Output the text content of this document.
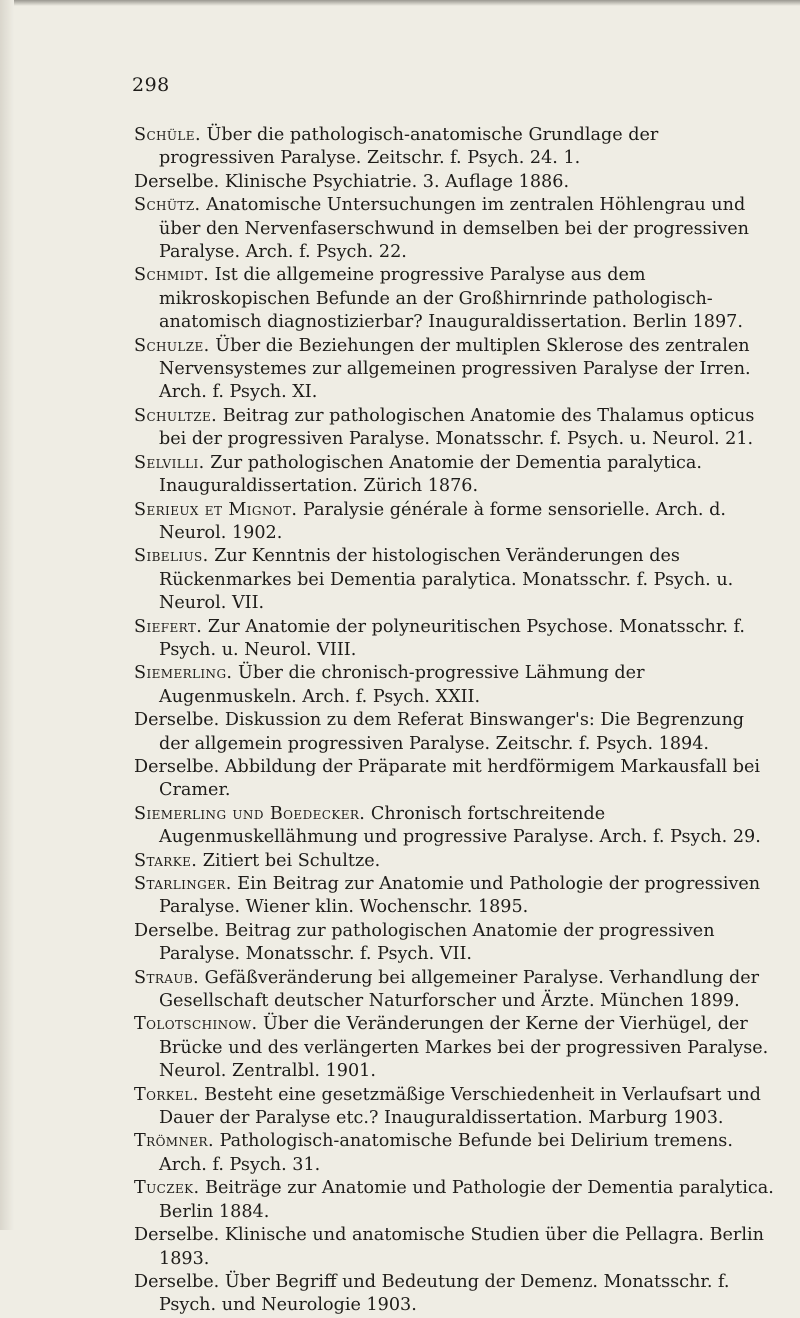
298
Schüle. Über die pathologisch-anatomische Grundlage der progressiven Paralyse. Zeitschr. f. Psych. 24. 1.
Derselbe. Klinische Psychiatrie. 3. Auflage 1886.
Schütz. Anatomische Untersuchungen im zentralen Höhlengrau und über den Nervenfaserschwund in demselben bei der progressiven Paralyse. Arch. f. Psych. 22.
Schmidt. Ist die allgemeine progressive Paralyse aus dem mikroskopischen Befunde an der Großhirnrinde pathologisch-anatomisch diagnostizierbar? Inauguraldissertation. Berlin 1897.
Schulze. Über die Beziehungen der multiplen Sklerose des zentralen Nervensystemes zur allgemeinen progressiven Paralyse der Irren. Arch. f. Psych. XI.
Schultze. Beitrag zur pathologischen Anatomie des Thalamus opticus bei der progressiven Paralyse. Monatsschr. f. Psych. u. Neurol. 21.
Selvilli. Zur pathologischen Anatomie der Dementia paralytica. Inauguraldissertation. Zürich 1876.
Serieux et Mignot. Paralysie générale à forme sensorielle. Arch. d. Neurol. 1902.
Sibelius. Zur Kenntnis der histologischen Veränderungen des Rückenmarkes bei Dementia paralytica. Monatsschr. f. Psych. u. Neurol. VII.
Siefert. Zur Anatomie der polyneuritischen Psychose. Monatsschr. f. Psych. u. Neurol. VIII.
Siemerling. Über die chronisch-progressive Lähmung der Augenmuskeln. Arch. f. Psych. XXII.
Derselbe. Diskussion zu dem Referat Binswanger's: Die Begrenzung der allgemein progressiven Paralyse. Zeitschr. f. Psych. 1894.
Derselbe. Abbildung der Präparate mit herdförmigem Markausfall bei Cramer.
Siemerling und Boedecker. Chronisch fortschreitende Augenmuskellähmung und progressive Paralyse. Arch. f. Psych. 29.
Starke. Zitiert bei Schultze.
Starlinger. Ein Beitrag zur Anatomie und Pathologie der progressiven Paralyse. Wiener klin. Wochenschr. 1895.
Derselbe. Beitrag zur pathologischen Anatomie der progressiven Paralyse. Monatsschr. f. Psych. VII.
Straub. Gefäßveränderung bei allgemeiner Paralyse. Verhandlung der Gesellschaft deutscher Naturforscher und Ärzte. München 1899.
Tolotschinow. Über die Veränderungen der Kerne der Vierhügel, der Brücke und des verlängerten Markes bei der progressiven Paralyse. Neurol. Zentralbl. 1901.
Torkel. Besteht eine gesetzmäßige Verschiedenheit in Verlaufsart und Dauer der Paralyse etc.? Inauguraldissertation. Marburg 1903.
Trömner. Pathologisch-anatomische Befunde bei Delirium tremens. Arch. f. Psych. 31.
Tuczek. Beiträge zur Anatomie und Pathologie der Dementia paralytica. Berlin 1884.
Derselbe. Klinische und anatomische Studien über die Pellagra. Berlin 1893.
Derselbe. Über Begriff und Bedeutung der Demenz. Monatsschr. f. Psych. und Neurologie 1903.
